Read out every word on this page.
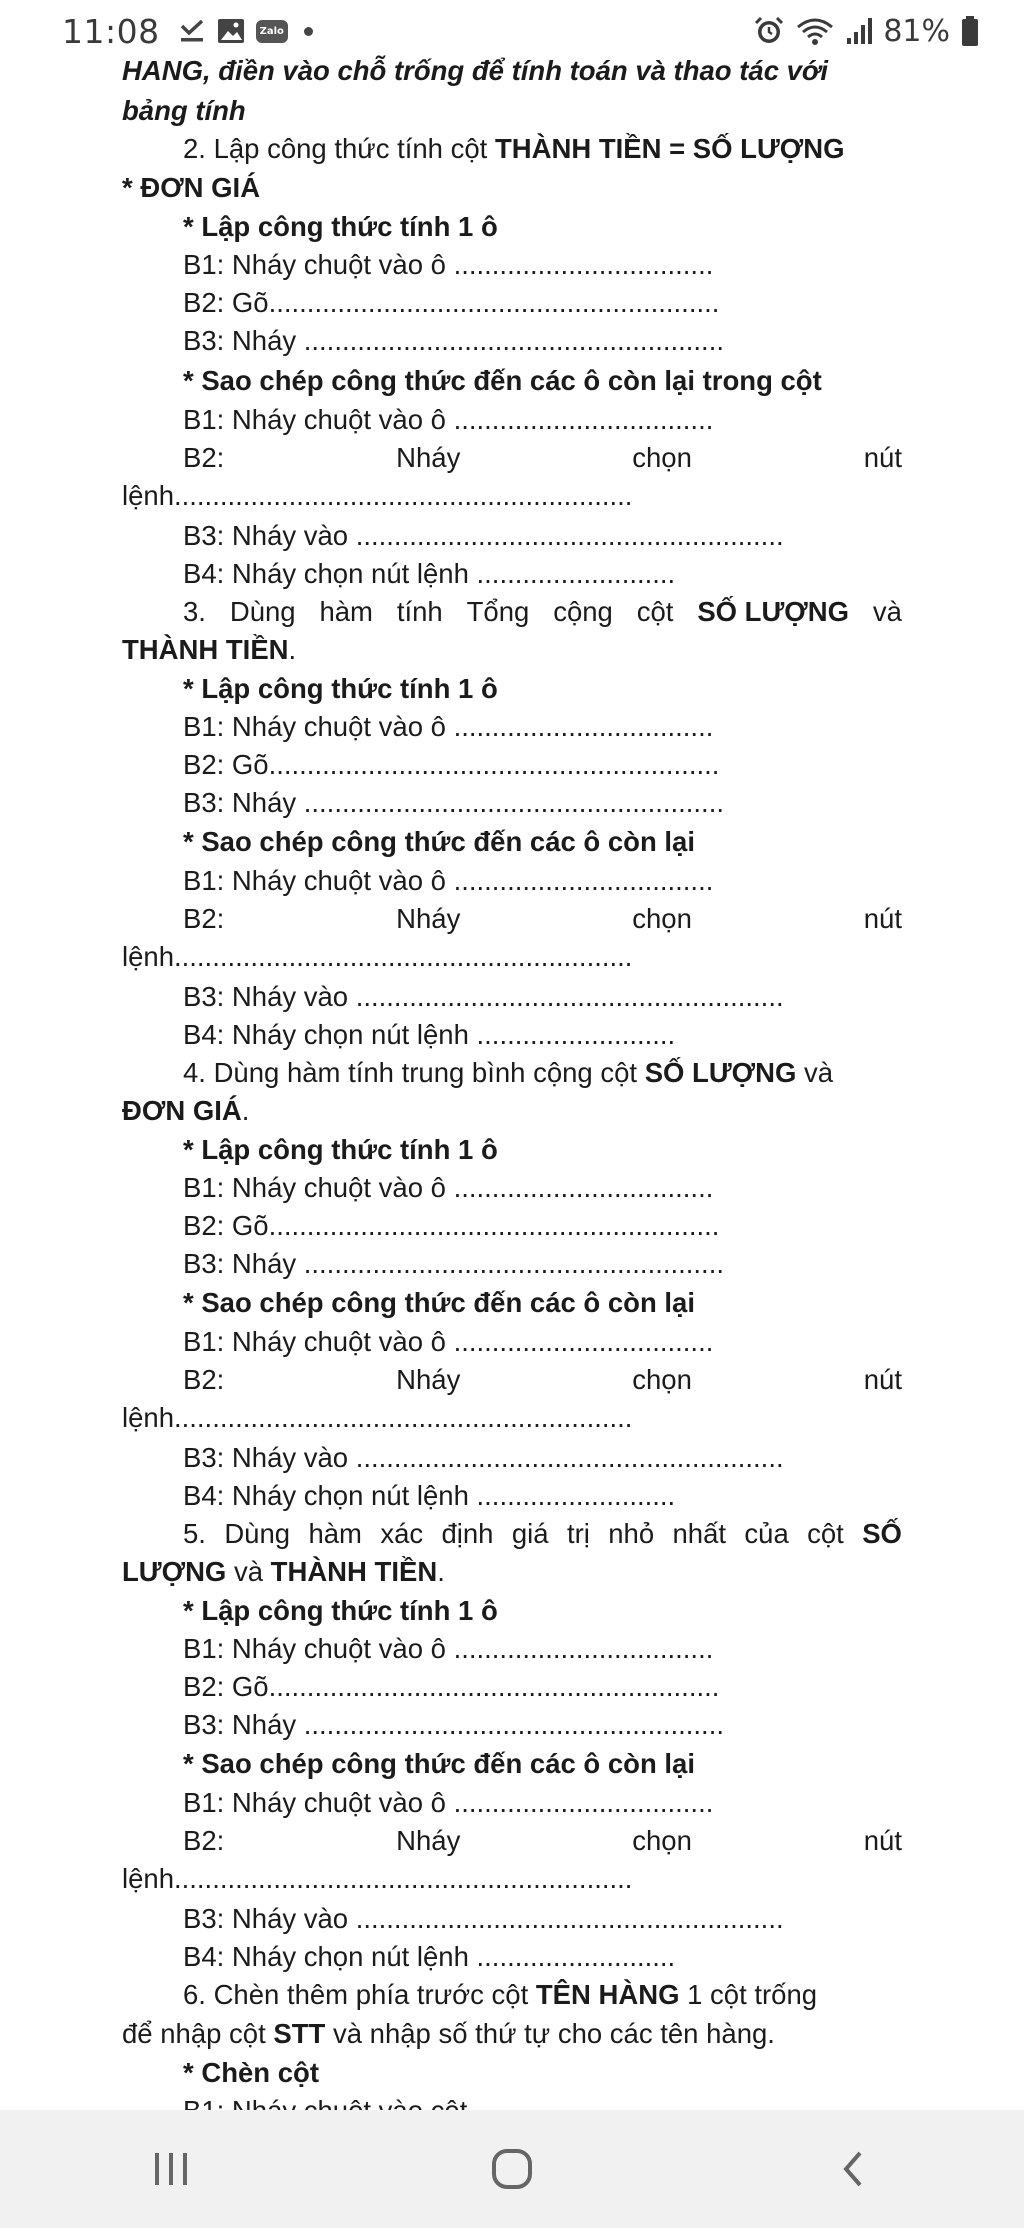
11:08	Zalo	81%
HANG, điền vào chỗ trống để tính toán và thao tác với
bảng tính
2. Lập công thức tính cột THÀNH TIỀN = SỐ LƯỢNG
* ĐƠN GIÁ
* Lập công thức tính 1 ô
B1: Nháy chuột vào ô ..................................
B2: Gõ...........................................................
B3: Nháy .......................................................
* Sao chép công thức đến các ô còn lại trong cột
B1: Nháy chuột vào ô ..................................
B2:	Nháy	chọn	nút
lệnh............................................................
B3: Nháy vào ........................................................
B4: Nháy chọn nút lệnh ..........................
3. Dùng hàm tính Tổng cộng cột SỐ LƯỢNG và
THÀNH TIỀN.
* Lập công thức tính 1 ô
B1: Nháy chuột vào ô ..................................
B2: Gõ...........................................................
B3: Nháy .......................................................
* Sao chép công thức đến các ô còn lại
B1: Nháy chuột vào ô ..................................
B2:	Nháy	chọn	nút
lệnh............................................................
B3: Nháy vào ........................................................
B4: Nháy chọn nút lệnh ..........................
4. Dùng hàm tính trung bình cộng cột SỐ LƯỢNG và
ĐƠN GIÁ.
* Lập công thức tính 1 ô
B1: Nháy chuột vào ô ..................................
B2: Gõ...........................................................
B3: Nháy .......................................................
* Sao chép công thức đến các ô còn lại
B1: Nháy chuột vào ô ..................................
B2:	Nháy	chọn	nút
lệnh............................................................
B3: Nháy vào ........................................................
B4: Nháy chọn nút lệnh ..........................
5. Dùng hàm xác định giá trị nhỏ nhất của cột SỐ
LƯỢNG và THÀNH TIỀN.
* Lập công thức tính 1 ô
B1: Nháy chuột vào ô ..................................
B2: Gõ...........................................................
B3: Nháy .......................................................
* Sao chép công thức đến các ô còn lại
B1: Nháy chuột vào ô ..................................
B2:	Nháy	chọn	nút
lệnh............................................................
B3: Nháy vào ........................................................
B4: Nháy chọn nút lệnh ..........................
6. Chèn thêm phía trước cột TÊN HÀNG 1 cột trống
để nhập cột STT và nhập số thứ tự cho các tên hàng.
* Chèn cột
